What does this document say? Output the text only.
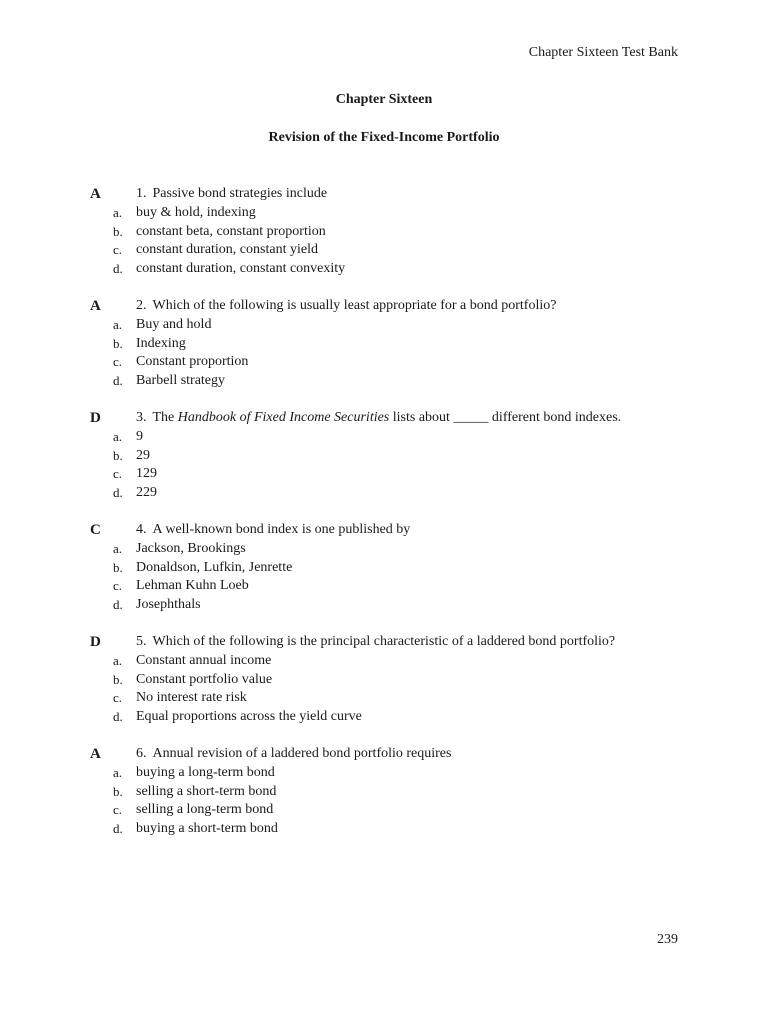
Chapter Sixteen Test Bank
Chapter Sixteen
Revision of the Fixed-Income Portfolio
A	1. Passive bond strategies include
a. buy & hold, indexing
b. constant beta, constant proportion
c. constant duration, constant yield
d. constant duration, constant convexity
A	2. Which of the following is usually least appropriate for a bond portfolio?
a. Buy and hold
b. Indexing
c. Constant proportion
d. Barbell strategy
D	3. The Handbook of Fixed Income Securities lists about _____ different bond indexes.
a. 9
b. 29
c. 129
d. 229
C	4. A well-known bond index is one published by
a. Jackson, Brookings
b. Donaldson, Lufkin, Jenrette
c. Lehman Kuhn Loeb
d. Josephthals
D	5. Which of the following is the principal characteristic of a laddered bond portfolio?
a. Constant annual income
b. Constant portfolio value
c. No interest rate risk
d. Equal proportions across the yield curve
A	6. Annual revision of a laddered bond portfolio requires
a. buying a long-term bond
b. selling a short-term bond
c. selling a long-term bond
d. buying a short-term bond
239
